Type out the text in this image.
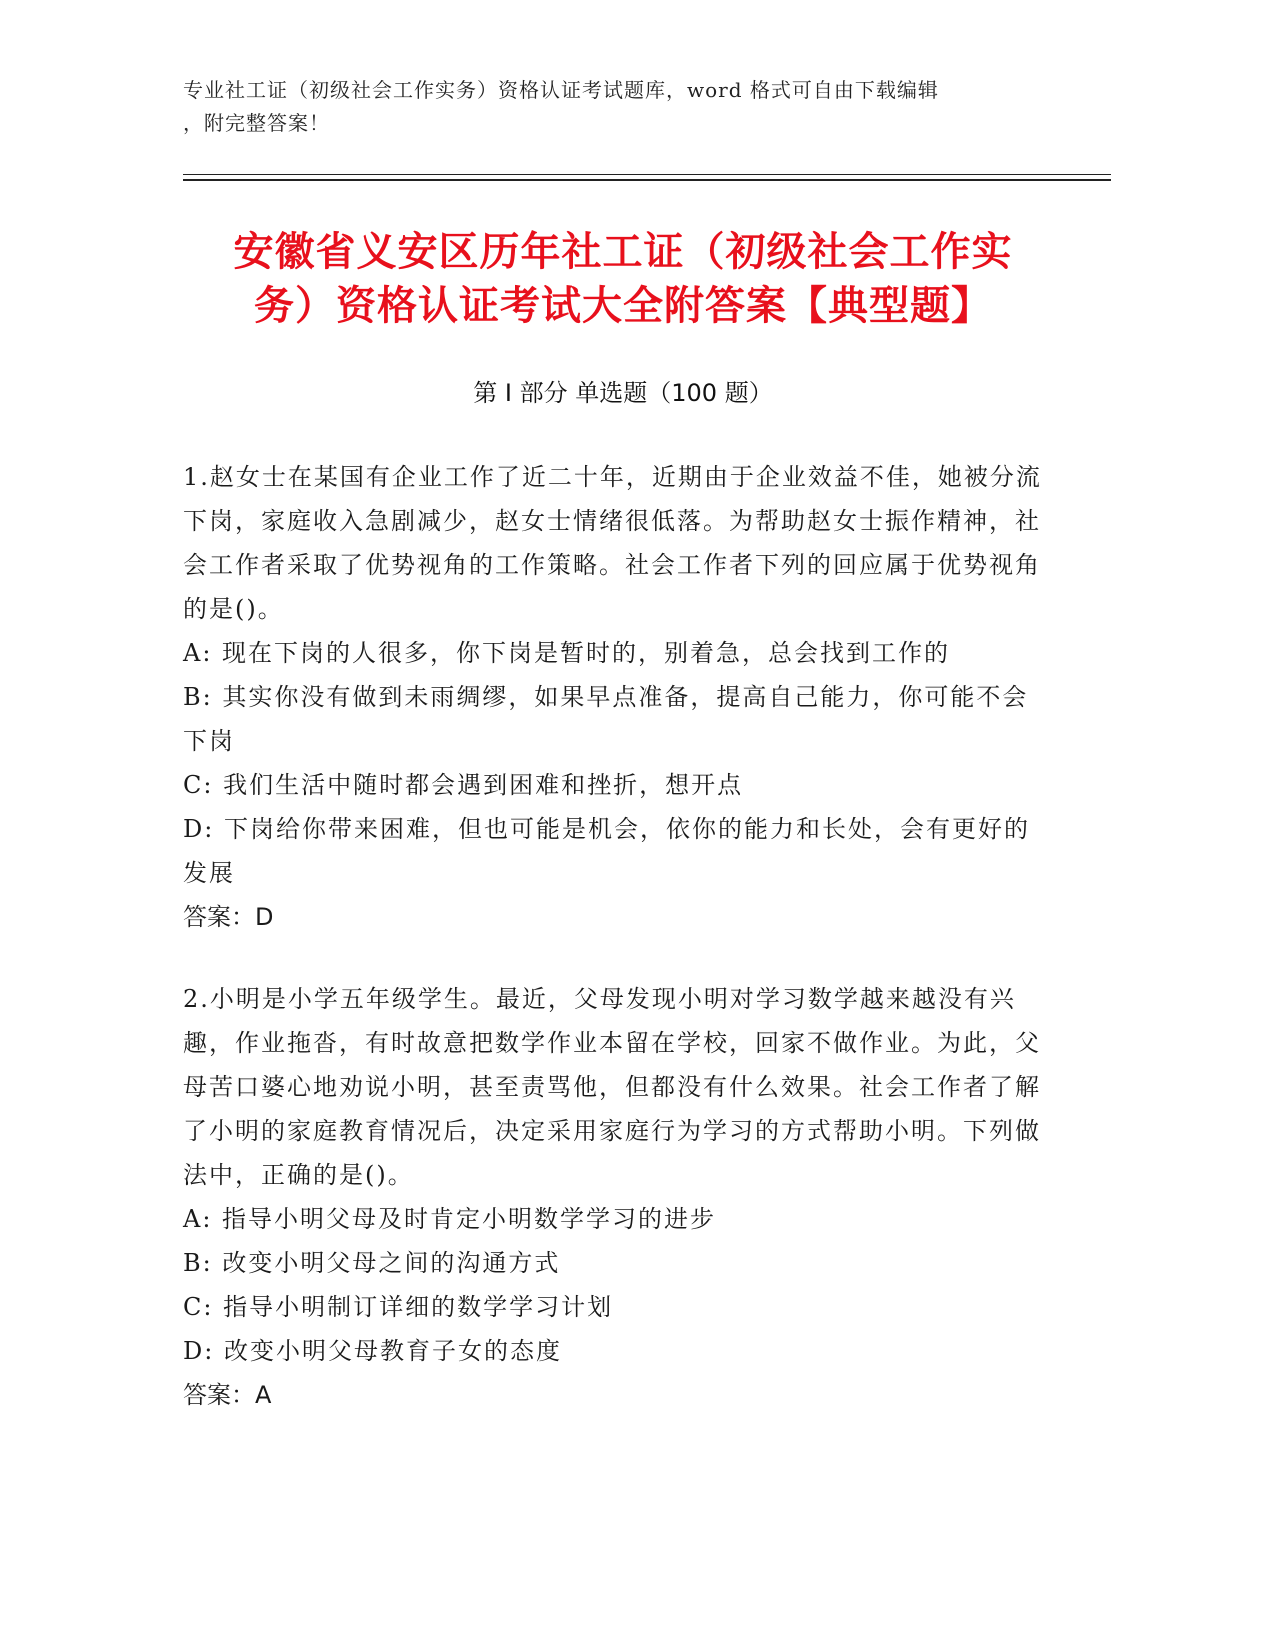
专业社工证（初级社会工作实务）资格认证考试题库，word 格式可自由下载编辑
，附完整答案！
安徽省义安区历年社工证（初级社会工作实
务）资格认证考试大全附答案【典型题】
第 I 部分 单选题（100 题）

1.赵女士在某国有企业工作了近二十年，近期由于企业效益不佳，她被分流下岗，家庭收入急剧减少，赵女士情绪很低落。为帮助赵女士振作精神，社会工作者采取了优势视角的工作策略。社会工作者下列的回应属于优势视角的是()。

A: 现在下岗的人很多，你下岗是暂时的，别着急，总会找到工作的

B: 其实你没有做到未雨绸缪，如果早点准备，提高自己能力，你可能不会下岗

C: 我们生活中随时都会遇到困难和挫折，想开点

D: 下岗给你带来困难，但也可能是机会，依你的能力和长处，会有更好的发展

答案：D

2.小明是小学五年级学生。最近，父母发现小明对学习数学越来越没有兴趣，作业拖沓，有时故意把数学作业本留在学校，回家不做作业。为此，父母苦口婆心地劝说小明，甚至责骂他，但都没有什么效果。社会工作者了解了小明的家庭教育情况后，决定采用家庭行为学习的方式帮助小明。下列做法中，正确的是()。

A: 指导小明父母及时肯定小明数学学习的进步

B: 改变小明父母之间的沟通方式

C: 指导小明制订详细的数学学习计划

D: 改变小明父母教育子女的态度

答案：A
